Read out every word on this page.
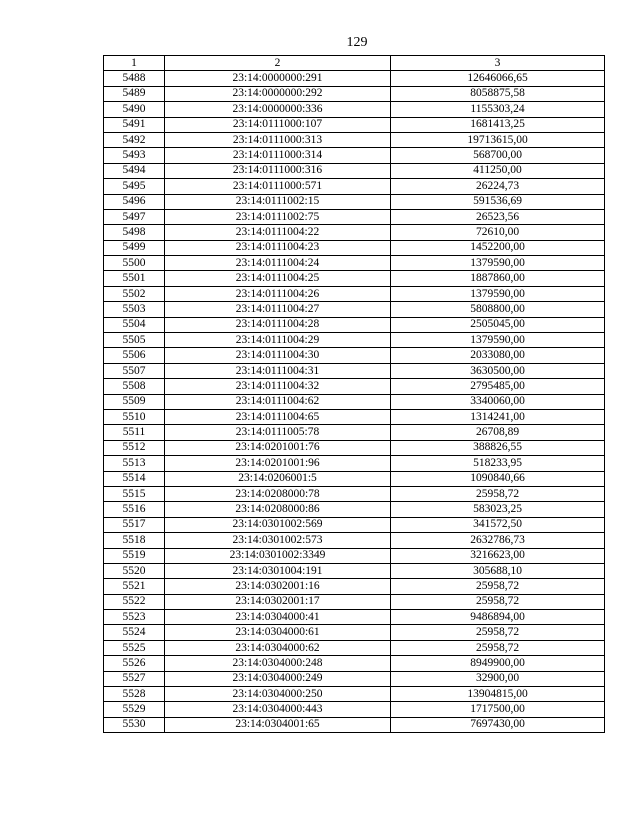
129
1	2	3
5488	23:14:0000000:291	12646066,65
5489	23:14:0000000:292	8058875,58
5490	23:14:0000000:336	1155303,24
5491	23:14:0111000:107	1681413,25
5492	23:14:0111000:313	19713615,00
5493	23:14:0111000:314	568700,00
5494	23:14:0111000:316	411250,00
5495	23:14:0111000:571	26224,73
5496	23:14:0111002:15	591536,69
5497	23:14:0111002:75	26523,56
5498	23:14:0111004:22	72610,00
5499	23:14:0111004:23	1452200,00
5500	23:14:0111004:24	1379590,00
5501	23:14:0111004:25	1887860,00
5502	23:14:0111004:26	1379590,00
5503	23:14:0111004:27	5808800,00
5504	23:14:0111004:28	2505045,00
5505	23:14:0111004:29	1379590,00
5506	23:14:0111004:30	2033080,00
5507	23:14:0111004:31	3630500,00
5508	23:14:0111004:32	2795485,00
5509	23:14:0111004:62	3340060,00
5510	23:14:0111004:65	1314241,00
5511	23:14:0111005:78	26708,89
5512	23:14:0201001:76	388826,55
5513	23:14:0201001:96	518233,95
5514	23:14:0206001:5	1090840,66
5515	23:14:0208000:78	25958,72
5516	23:14:0208000:86	583023,25
5517	23:14:0301002:569	341572,50
5518	23:14:0301002:573	2632786,73
5519	23:14:0301002:3349	3216623,00
5520	23:14:0301004:191	305688,10
5521	23:14:0302001:16	25958,72
5522	23:14:0302001:17	25958,72
5523	23:14:0304000:41	9486894,00
5524	23:14:0304000:61	25958,72
5525	23:14:0304000:62	25958,72
5526	23:14:0304000:248	8949900,00
5527	23:14:0304000:249	32900,00
5528	23:14:0304000:250	13904815,00
5529	23:14:0304000:443	1717500,00
5530	23:14:0304001:65	7697430,00
